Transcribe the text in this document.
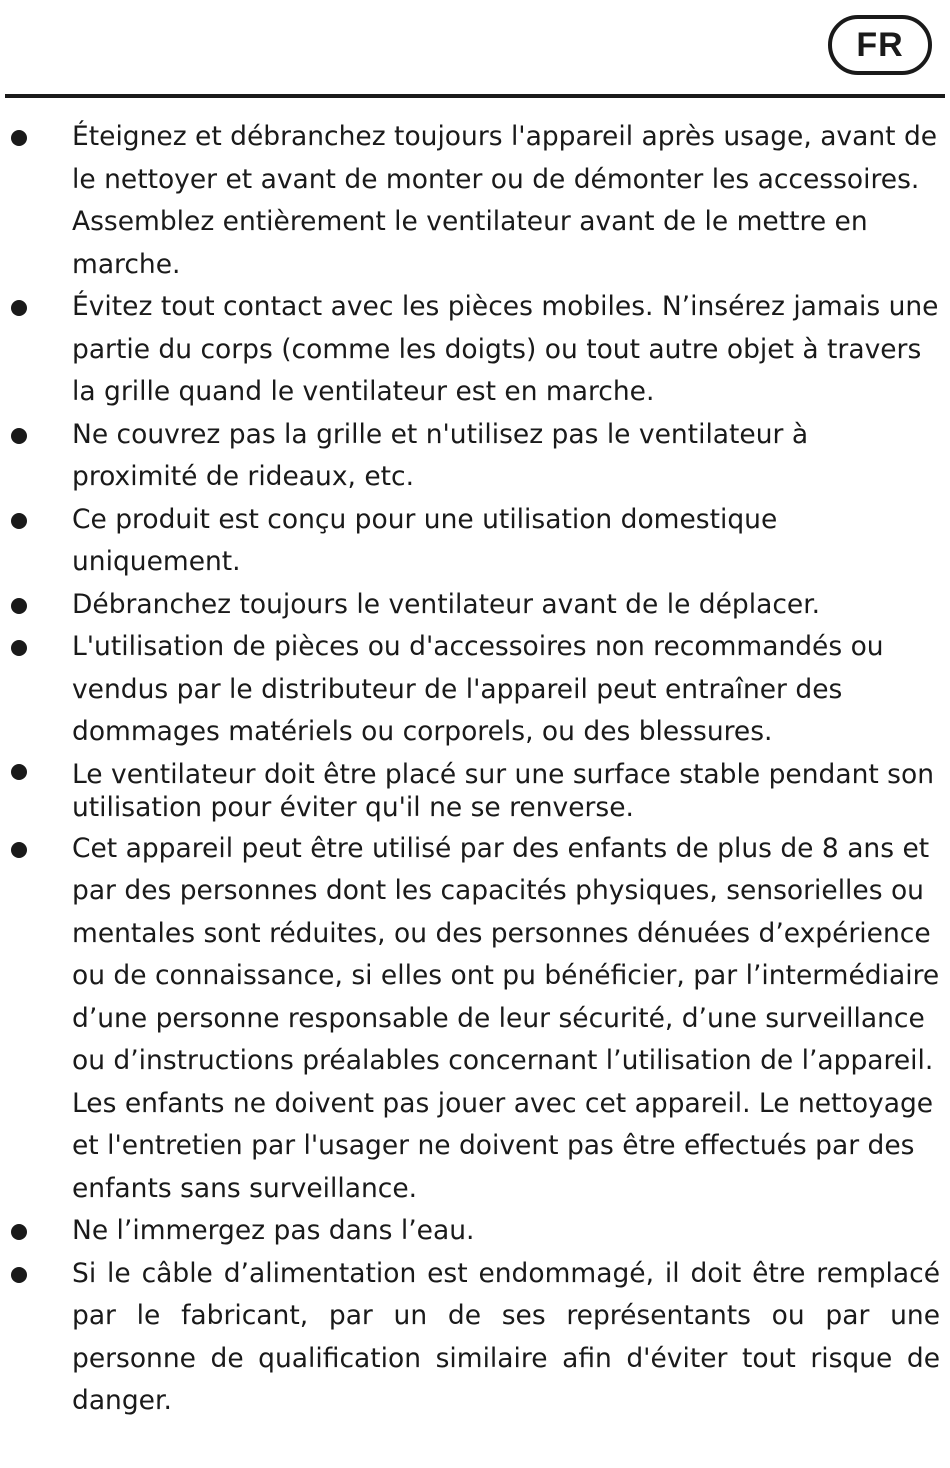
FR
Éteignez et débranchez toujours l'appareil après usage, avant de le nettoyer et avant de monter ou de démonter les accessoires. Assemblez entièrement le ventilateur avant de le mettre en marche.
Évitez tout contact avec les pièces mobiles. N’insérez jamais une partie du corps (comme les doigts) ou tout autre objet à travers la grille quand le ventilateur est en marche.
Ne couvrez pas la grille et n'utilisez pas le ventilateur à proximité de rideaux, etc.
Ce produit est conçu pour une utilisation domestique uniquement.
Débranchez toujours le ventilateur avant de le déplacer.
L'utilisation de pièces ou d'accessoires non recommandés ou vendus par le distributeur de l'appareil peut entraîner des dommages matériels ou corporels, ou des blessures.
Le ventilateur doit être placé sur une surface stable pendant son utilisation pour éviter qu'il ne se renverse.
Cet appareil peut être utilisé par des enfants de plus de 8 ans et par des personnes dont les capacités physiques, sensorielles ou mentales sont réduites, ou des personnes dénuées d’expérience ou de connaissance, si elles ont pu bénéficier, par l’intermédiaire d’une personne responsable de leur sécurité, d’une surveillance ou d’instructions préalables concernant l’utilisation de l’appareil. Les enfants ne doivent pas jouer avec cet appareil. Le nettoyage et l'entretien par l'usager ne doivent pas être effectués par des enfants sans surveillance.
Ne l’immergez pas dans l’eau.
Si le câble d’alimentation est endommagé, il doit être remplacé par le fabricant, par un de ses représentants ou par une personne de qualification similaire afin d'éviter tout risque de danger.
